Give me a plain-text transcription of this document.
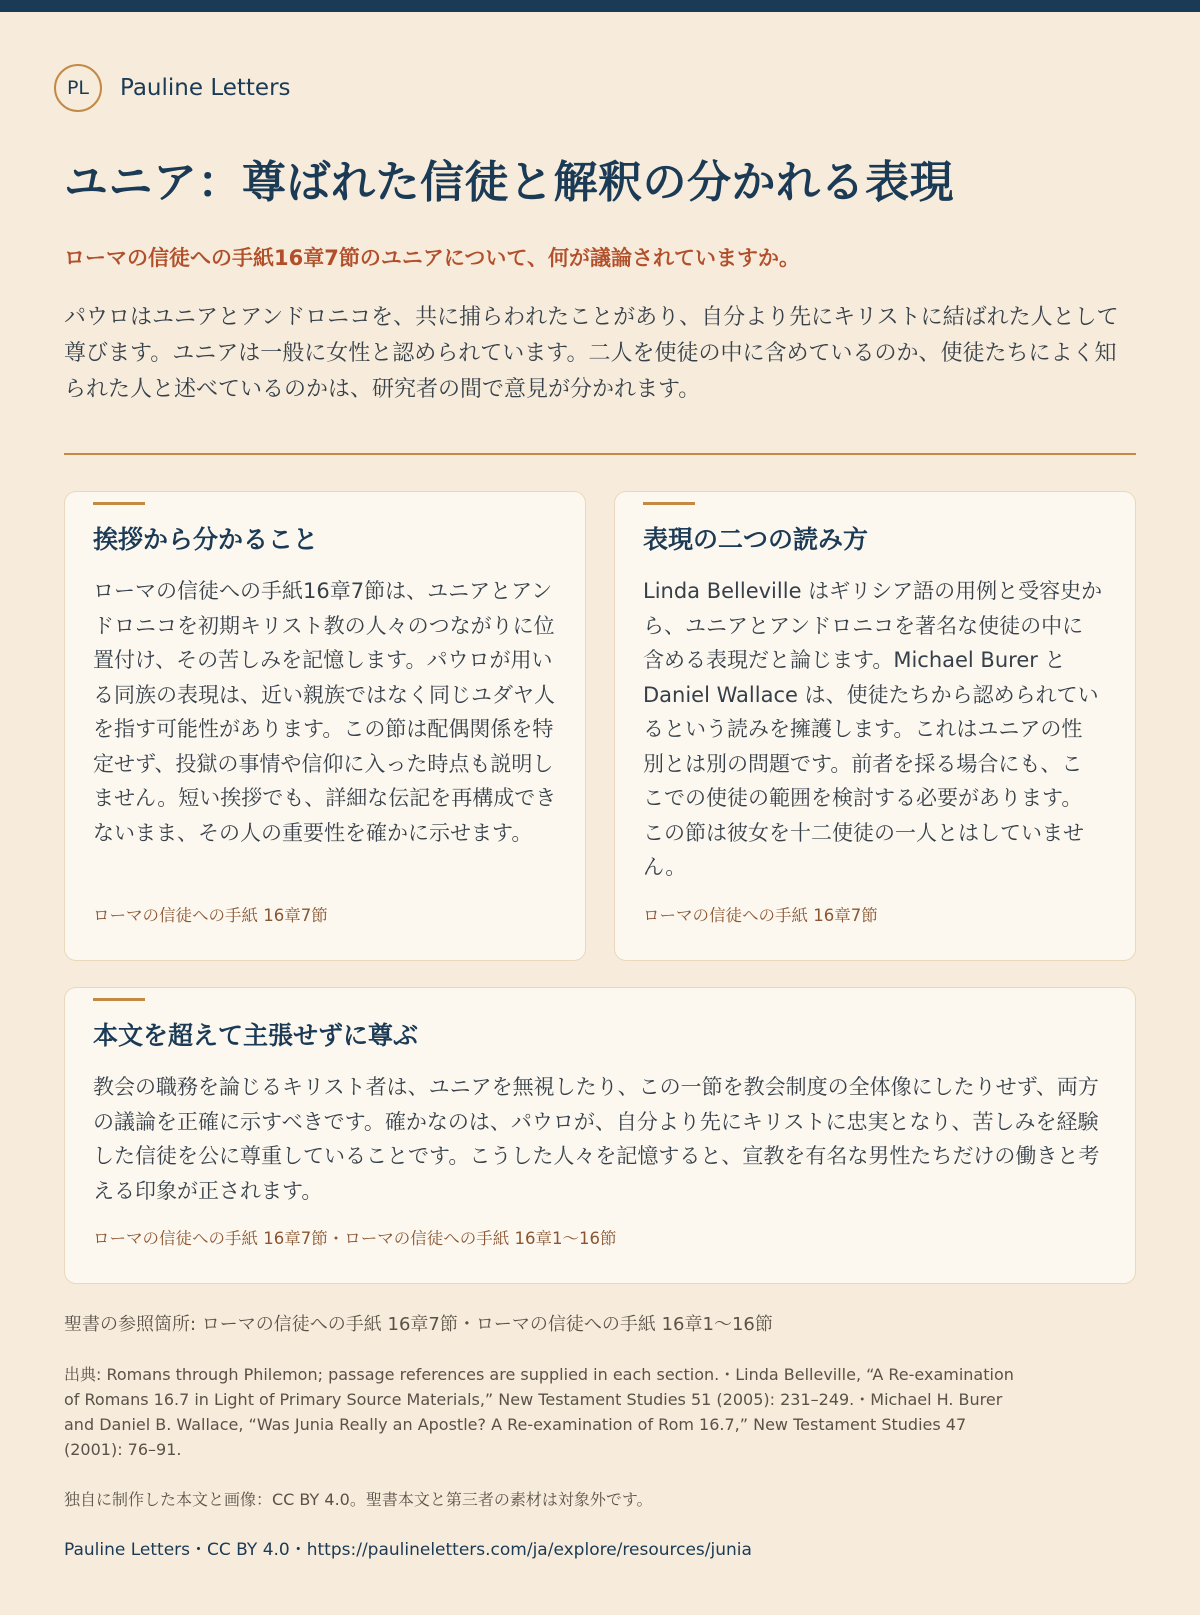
PL	Pauline Letters
ユニア：尊ばれた信徒と解釈の分かれる表現
ローマの信徒への手紙16章7節のユニアについて、何が議論されていますか。

パウロはユニアとアンドロニコを、共に捕らわれたことがあり、自分より先にキリストに結ばれた人として尊びます。ユニアは一般に女性と認められています。二人を使徒の中に含めているのか、使徒たちによく知られた人と述べているのかは、研究者の間で意見が分かれます。

挨拶から分かること

ローマの信徒への手紙16章7節は、ユニアとアンドロニコを初期キリスト教の人々のつながりに位置付け、その苦しみを記憶します。パウロが用いる同族の表現は、近い親族ではなく同じユダヤ人を指す可能性があります。この節は配偶関係を特定せず、投獄の事情や信仰に入った時点も説明しません。短い挨拶でも、詳細な伝記を再構成できないまま、その人の重要性を確かに示せます。

ローマの信徒への手紙 16章7節
表現の二つの読み方

Linda Belleville はギリシア語の用例と受容史から、ユニアとアンドロニコを著名な使徒の中に含める表現だと論じます。Michael Burer と Daniel Wallace は、使徒たちから認められているという読みを擁護します。これはユニアの性別とは別の問題です。前者を採る場合にも、ここでの使徒の範囲を検討する必要があります。この節は彼女を十二使徒の一人とはしていません。

ローマの信徒への手紙 16章7節
本文を超えて主張せずに尊ぶ

教会の職務を論じるキリスト者は、ユニアを無視したり、この一節を教会制度の全体像にしたりせず、両方の議論を正確に示すべきです。確かなのは、パウロが、自分より先にキリストに忠実となり、苦しみを経験した信徒を公に尊重していることです。こうした人々を記憶すると、宣教を有名な男性たちだけの働きと考える印象が正されます。

ローマの信徒への手紙 16章7節・ローマの信徒への手紙 16章1〜16節

聖書の参照箇所: ローマの信徒への手紙 16章7節・ローマの信徒への手紙 16章1〜16節

出典: Romans through Philemon; passage references are supplied in each section.・Linda Belleville, “A Re-examination of Romans 16.7 in Light of Primary Source Materials,” New Testament Studies 51 (2005): 231–249.・Michael H. Burer and Daniel B. Wallace, “Was Junia Really an Apostle? A Re-examination of Rom 16.7,” New Testament Studies 47 (2001): 76–91.

独自に制作した本文と画像：CC BY 4.0。聖書本文と第三者の素材は対象外です。

Pauline Letters・CC BY 4.0・https://paulineletters.com/ja/explore/resources/junia
